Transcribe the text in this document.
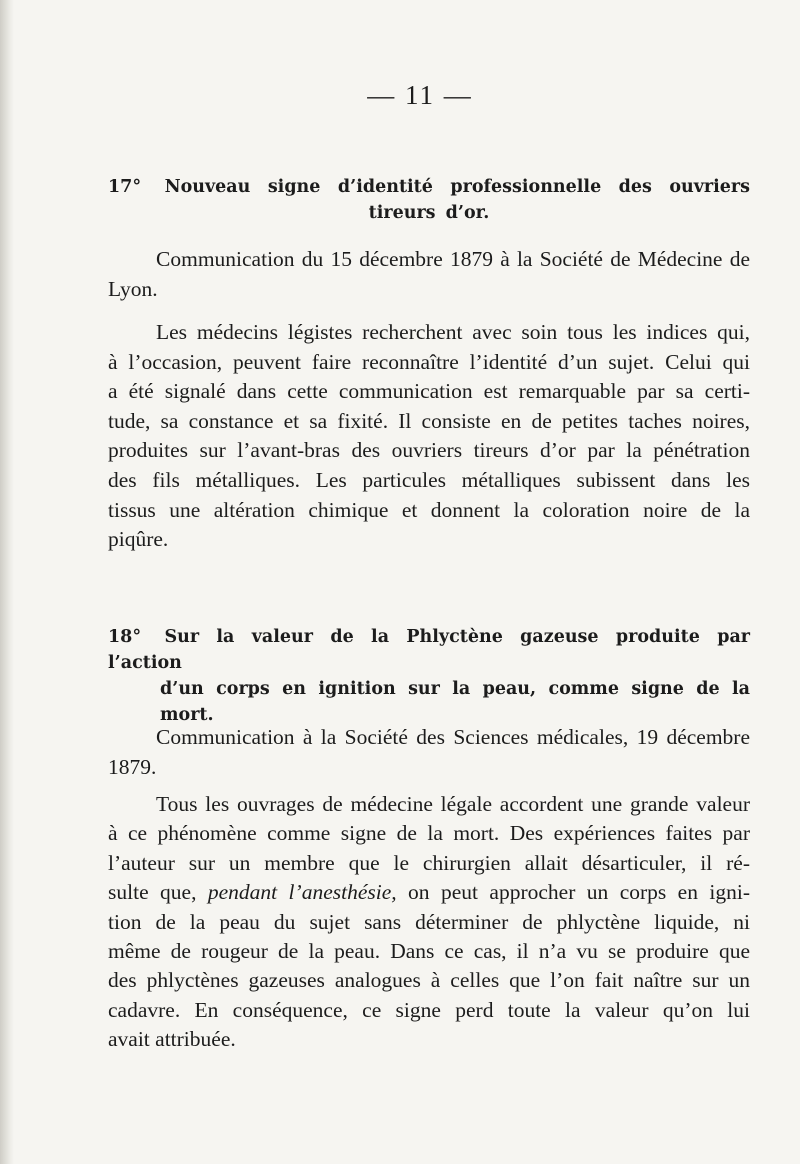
— 11 —
17° Nouveau signe d’identité professionnelle des ouvriers
tireurs d’or.
Communication du 15 décembre 1879 à la Société de Médecine de
Lyon.
Les médecins légistes recherchent avec soin tous les indices qui,
à l’occasion, peuvent faire reconnaître l’identité d’un sujet. Celui qui
a été signalé dans cette communication est remarquable par sa certi-
tude, sa constance et sa fixité. Il consiste en de petites taches noires,
produites sur l’avant-bras des ouvriers tireurs d’or par la pénétration
des fils métalliques. Les particules métalliques subissent dans les
tissus une altération chimique et donnent la coloration noire de la
piqûre.
18° Sur la valeur de la Phlyctène gazeuse produite par l’action
d’un corps en ignition sur la peau, comme signe de la
mort.
Communication à la Société des Sciences médicales, 19 décembre
1879.
Tous les ouvrages de médecine légale accordent une grande valeur
à ce phénomène comme signe de la mort. Des expériences faites par
l’auteur sur un membre que le chirurgien allait désarticuler, il ré-
sulte que, pendant l’anesthésie, on peut approcher un corps en igni-
tion de la peau du sujet sans déterminer de phlyctène liquide, ni
même de rougeur de la peau. Dans ce cas, il n’a vu se produire que
des phlyctènes gazeuses analogues à celles que l’on fait naître sur un
cadavre. En conséquence, ce signe perd toute la valeur qu’on lui
avait attribuée.
